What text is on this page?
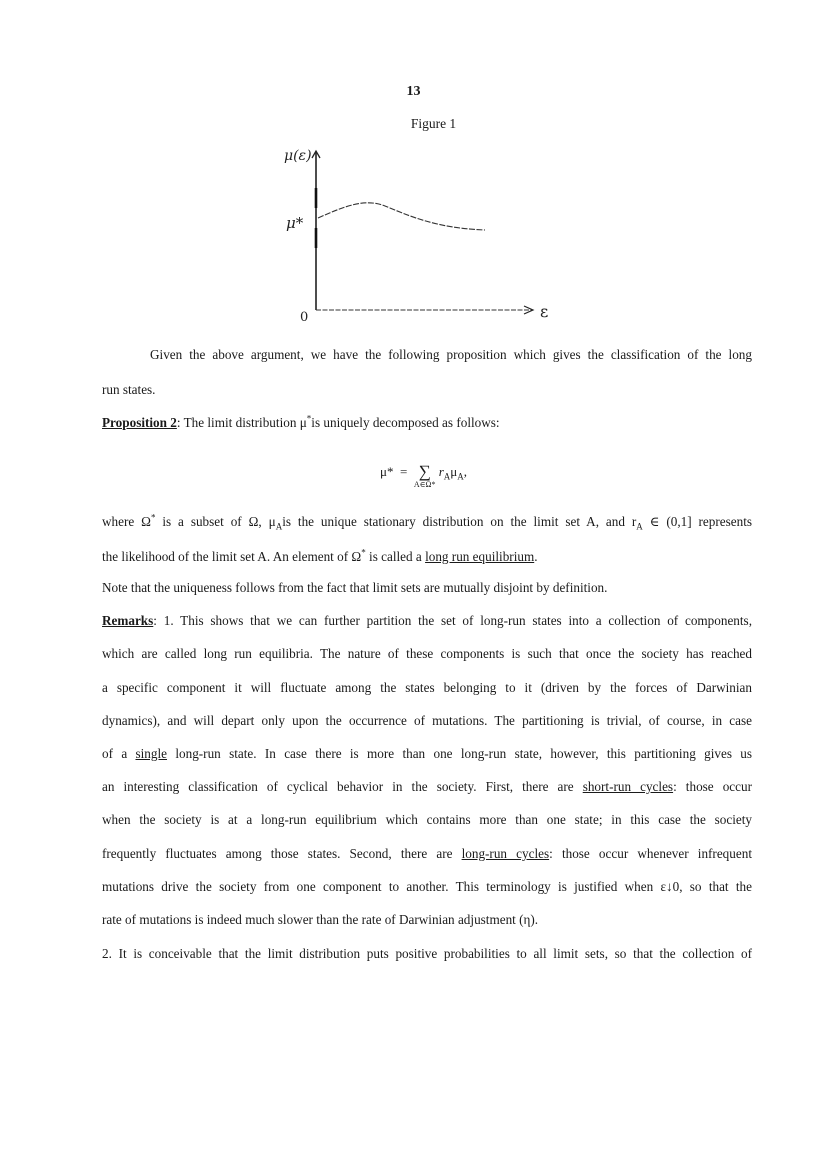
13
Figure 1
μ(ε)
μ*
0	ε
Given the above argument, we have the following proposition which gives the classification of the long
run states.
Proposition 2: The limit distribution μ*is uniquely decomposed as follows:
μ* = ∑
A∈Ω*
$r_A\mu_A$,
where Ω* is a subset of Ω, $\mu_Ais$ the unique stationary distribution on the limit set A, and $r_A$ ∈ (0,1] represents
the likelihood of the limit set A. An element of Ω* is called a long run equilibrium.
Note that the uniqueness follows from the fact that limit sets are mutually disjoint by definition.
Remarks: 1. This shows that we can further partition the set of long-run states into a collection of components,
which are called long run equilibria. The nature of these components is such that once the society has reached
a specific component it will fluctuate among the states belonging to it (driven by the forces of Darwinian
dynamics), and will depart only upon the occurrence of mutations. The partitioning is trivial, of course, in case
of a single long-run state. In case there is more than one long-run state, however, this partitioning gives us
an interesting classification of cyclical behavior in the society. First, there are short-run cycles: those occur
when the society is at a long-run equilibrium which contains more than one state; in this case the society
frequently fluctuates among those states. Second, there are long-run cycles: those occur whenever infrequent
mutations drive the society from one component to another. This terminology is justified when ε↓0, so that the
rate of mutations is indeed much slower than the rate of Darwinian adjustment (η).
2. It is conceivable that the limit distribution puts positive probabilities to all limit sets, so that the collection of
